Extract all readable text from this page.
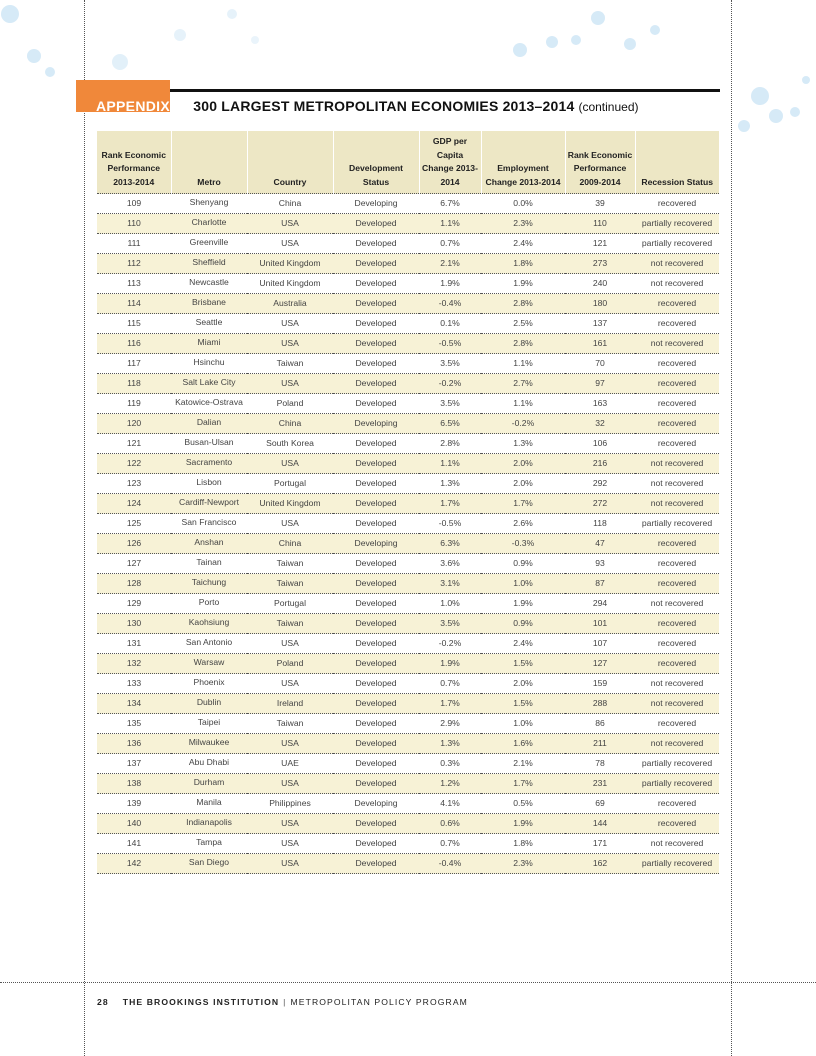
APPENDIX A. 300 LARGEST METROPOLITAN ECONOMIES 2013–2014 (continued)
Rank Economic Performance 2013-2014	Metro	Country	Development Status	GDP per Capita Change 2013-2014	Employment Change 2013-2014	Rank Economic Performance 2009-2014	Recession Status
109	Shenyang	China	Developing	6.7%	0.0%	39	recovered
110	Charlotte	USA	Developed	1.1%	2.3%	110	partially recovered
111	Greenville	USA	Developed	0.7%	2.4%	121	partially recovered
112	Sheffield	United Kingdom	Developed	2.1%	1.8%	273	not recovered
113	Newcastle	United Kingdom	Developed	1.9%	1.9%	240	not recovered
114	Brisbane	Australia	Developed	-0.4%	2.8%	180	recovered
115	Seattle	USA	Developed	0.1%	2.5%	137	recovered
116	Miami	USA	Developed	-0.5%	2.8%	161	not recovered
117	Hsinchu	Taiwan	Developed	3.5%	1.1%	70	recovered
118	Salt Lake City	USA	Developed	-0.2%	2.7%	97	recovered
119	Katowice-Ostrava	Poland	Developed	3.5%	1.1%	163	recovered
120	Dalian	China	Developing	6.5%	-0.2%	32	recovered
121	Busan-Ulsan	South Korea	Developed	2.8%	1.3%	106	recovered
122	Sacramento	USA	Developed	1.1%	2.0%	216	not recovered
123	Lisbon	Portugal	Developed	1.3%	2.0%	292	not recovered
124	Cardiff-Newport	United Kingdom	Developed	1.7%	1.7%	272	not recovered
125	San Francisco	USA	Developed	-0.5%	2.6%	118	partially recovered
126	Anshan	China	Developing	6.3%	-0.3%	47	recovered
127	Tainan	Taiwan	Developed	3.6%	0.9%	93	recovered
128	Taichung	Taiwan	Developed	3.1%	1.0%	87	recovered
129	Porto	Portugal	Developed	1.0%	1.9%	294	not recovered
130	Kaohsiung	Taiwan	Developed	3.5%	0.9%	101	recovered
131	San Antonio	USA	Developed	-0.2%	2.4%	107	recovered
132	Warsaw	Poland	Developed	1.9%	1.5%	127	recovered
133	Phoenix	USA	Developed	0.7%	2.0%	159	not recovered
134	Dublin	Ireland	Developed	1.7%	1.5%	288	not recovered
135	Taipei	Taiwan	Developed	2.9%	1.0%	86	recovered
136	Milwaukee	USA	Developed	1.3%	1.6%	211	not recovered
137	Abu Dhabi	UAE	Developed	0.3%	2.1%	78	partially recovered
138	Durham	USA	Developed	1.2%	1.7%	231	partially recovered
139	Manila	Philippines	Developing	4.1%	0.5%	69	recovered
140	Indianapolis	USA	Developed	0.6%	1.9%	144	recovered
141	Tampa	USA	Developed	0.7%	1.8%	171	not recovered
142	San Diego	USA	Developed	-0.4%	2.3%	162	partially recovered
28 THE BROOKINGS INSTITUTION | METROPOLITAN POLICY PROGRAM
